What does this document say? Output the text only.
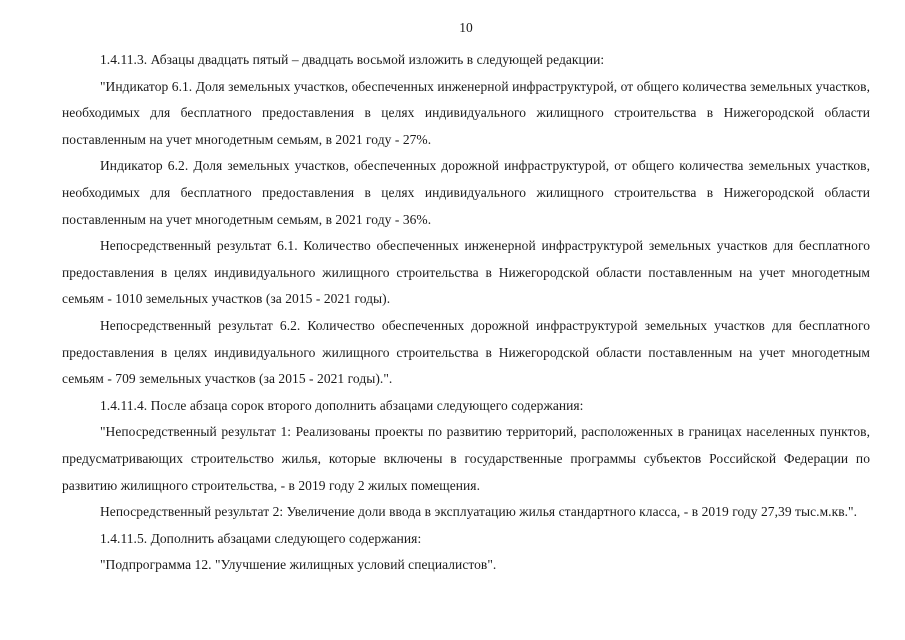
10

1.4.11.3. Абзацы двадцать пятый – двадцать восьмой изложить в следующей редакции:

"Индикатор 6.1. Доля земельных участков, обеспеченных инженерной инфраструктурой, от общего количества земельных участков, необходимых для бесплатного предоставления в целях индивидуального жилищного строительства в Нижегородской области поставленным на учет многодетным семьям, в 2021 году - 27%.

Индикатор 6.2. Доля земельных участков, обеспеченных дорожной инфраструктурой, от общего количества земельных участков, необходимых для бесплатного предоставления в целях индивидуального жилищного строительства в Нижегородской области поставленным на учет многодетным семьям, в 2021 году - 36%.

Непосредственный результат 6.1. Количество обеспеченных инженерной инфраструктурой земельных участков для бесплатного предоставления в целях индивидуального жилищного строительства в Нижегородской области поставленным на учет многодетным семьям - 1010 земельных участков (за 2015 - 2021 годы).

Непосредственный результат 6.2. Количество обеспеченных дорожной инфраструктурой земельных участков для бесплатного предоставления в целях индивидуального жилищного строительства в Нижегородской области поставленным на учет многодетным семьям - 709 земельных участков (за 2015 - 2021 годы).".

1.4.11.4. После абзаца сорок второго дополнить абзацами следующего содержания:

"Непосредственный результат 1: Реализованы проекты по развитию территорий, расположенных в границах населенных пунктов, предусматривающих строительство жилья, которые включены в государственные программы субъектов Российской Федерации по развитию жилищного строительства, - в 2019 году 2 жилых помещения.

Непосредственный результат 2: Увеличение доли ввода в эксплуатацию жилья стандартного класса, - в 2019 году 27,39 тыс.м.кв.".

1.4.11.5. Дополнить абзацами следующего содержания:

"Подпрограмма 12. "Улучшение жилищных условий специалистов".
